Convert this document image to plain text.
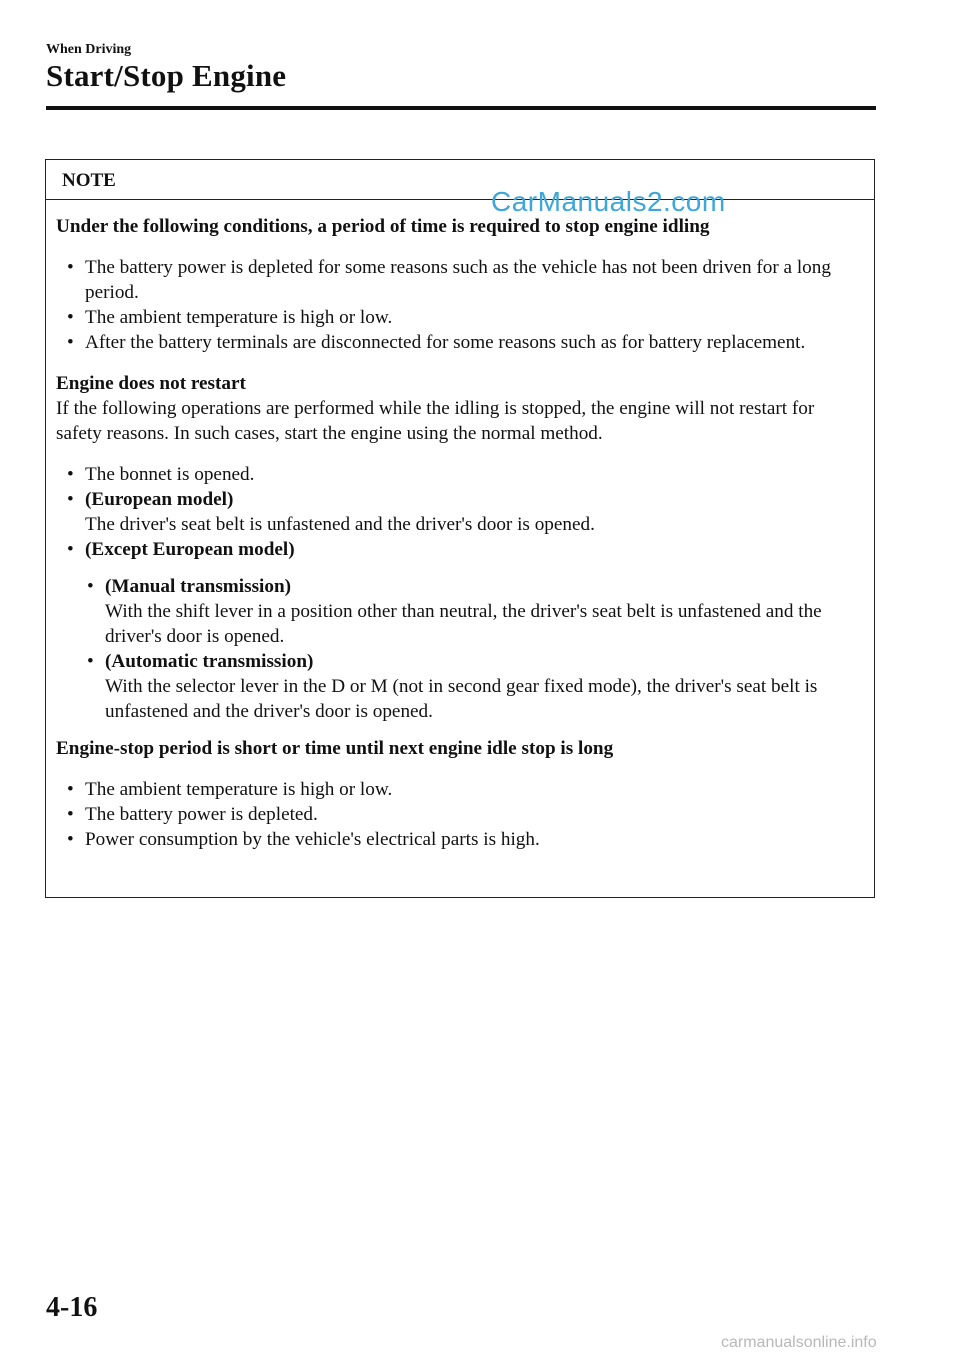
When Driving
Start/Stop Engine
NOTE
CarManuals2.com

Under the following conditions, a period of time is required to stop engine idling

• The battery power is depleted for some reasons such as the vehicle has not been driven for a long period.
• The ambient temperature is high or low.
• After the battery terminals are disconnected for some reasons such as for battery replacement.

Engine does not restart

If the following operations are performed while the idling is stopped, the engine will not restart for safety reasons. In such cases, start the engine using the normal method.

• The bonnet is opened.
• (European model)
The driver's seat belt is unfastened and the driver's door is opened.
• (Except European model)
• (Manual transmission)
With the shift lever in a position other than neutral, the driver's seat belt is unfastened and the driver's door is opened.
• (Automatic transmission)
With the selector lever in the D or M (not in second gear fixed mode), the driver's seat belt is unfastened and the driver's door is opened.

Engine-stop period is short or time until next engine idle stop is long

• The ambient temperature is high or low.
• The battery power is depleted.
• Power consumption by the vehicle's electrical parts is high.
4-16
carmanualsonline.info
